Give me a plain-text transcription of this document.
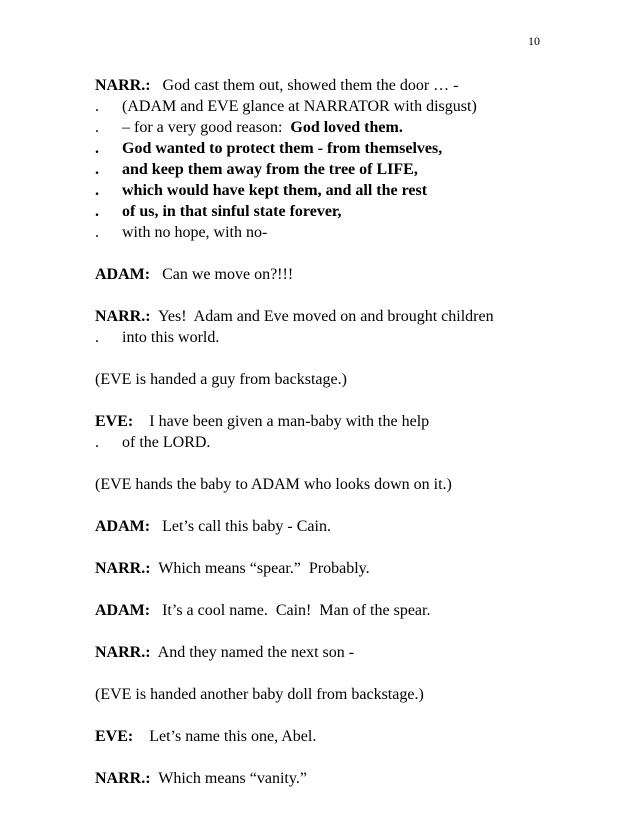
10
NARR.:   God cast them out, showed them the door … -
. (ADAM and EVE glance at NARRATOR with disgust)
. – for a very good reason:  God loved them.
. God wanted to protect them - from themselves,
. and keep them away from the tree of LIFE,
. which would have kept them, and all the rest
. of us, in that sinful state forever,
. with no hope, with no-
ADAM:   Can we move on?!!!
NARR.:  Yes!  Adam and Eve moved on and brought children
. into this world.
(EVE is handed a guy from backstage.)
EVE:    I have been given a man-baby with the help
. of the LORD.
(EVE hands the baby to ADAM who looks down on it.)
ADAM:   Let’s call this baby - Cain.
NARR.:  Which means “spear.”  Probably.
ADAM:   It’s a cool name.  Cain!  Man of the spear.
NARR.:  And they named the next son -
(EVE is handed another baby doll from backstage.)
EVE:    Let’s name this one, Abel.
NARR.:  Which means “vanity.”
